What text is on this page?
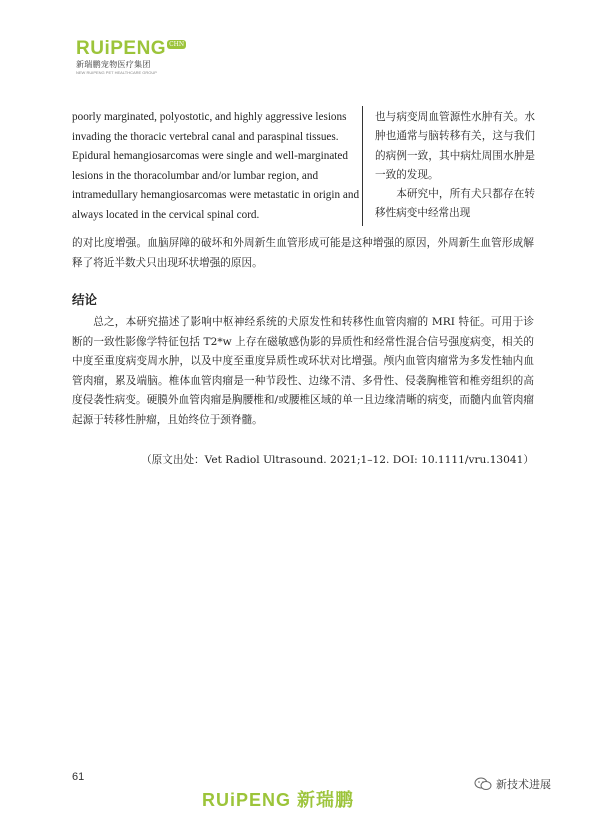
RUiPENG CHN
新瑞鹏宠物医疗集团
NEW RUIPENG PET HEALTHCARE GROUP
poorly marginated, polyostotic, and highly aggressive lesions invading the thoracic vertebral canal and paraspinal tissues. Epidural hemangiosarcomas were single and well-marginated lesions in the thoracolumbar and/or lumbar region, and intramedullary hemangiosarcomas were metastatic in origin and always located in the cervical spinal cord.

也与病变周血管源性水肿有关。水肿也通常与脑转移有关，这与我们的病例一致，其中病灶周围水肿是一致的发现。

本研究中，所有犬只都存在转移性病变中经常出现

的对比度增强。血脑屏障的破坏和外周新生血管形成可能是这种增强的原因，外周新生血管形成解释了将近半数犬只出现环状增强的原因。
结论
总之，本研究描述了影响中枢神经系统的犬原发性和转移性血管肉瘤的 MRI 特征。可用于诊断的一致性影像学特征包括 T2*w 上存在磁敏感伪影的异质性和经常性混合信号强度病变，相关的中度至重度病变周水肿，以及中度至重度异质性或环状对比增强。颅内血管肉瘤常为多发性轴内血管肉瘤，累及端脑。椎体血管肉瘤是一种节段性、边缘不清、多骨性、侵袭胸椎管和椎旁组织的高度侵袭性病变。硬膜外血管肉瘤是胸腰椎和/或腰椎区域的单一且边缘清晰的病变，而髓内血管肉瘤起源于转移性肿瘤，且始终位于颈脊髓。
（原文出处：Vet Radiol Ultrasound. 2021;1–12. DOI: 10.1111/vru.13041）
61
RUiPENG 新瑞鹏
新技术进展
